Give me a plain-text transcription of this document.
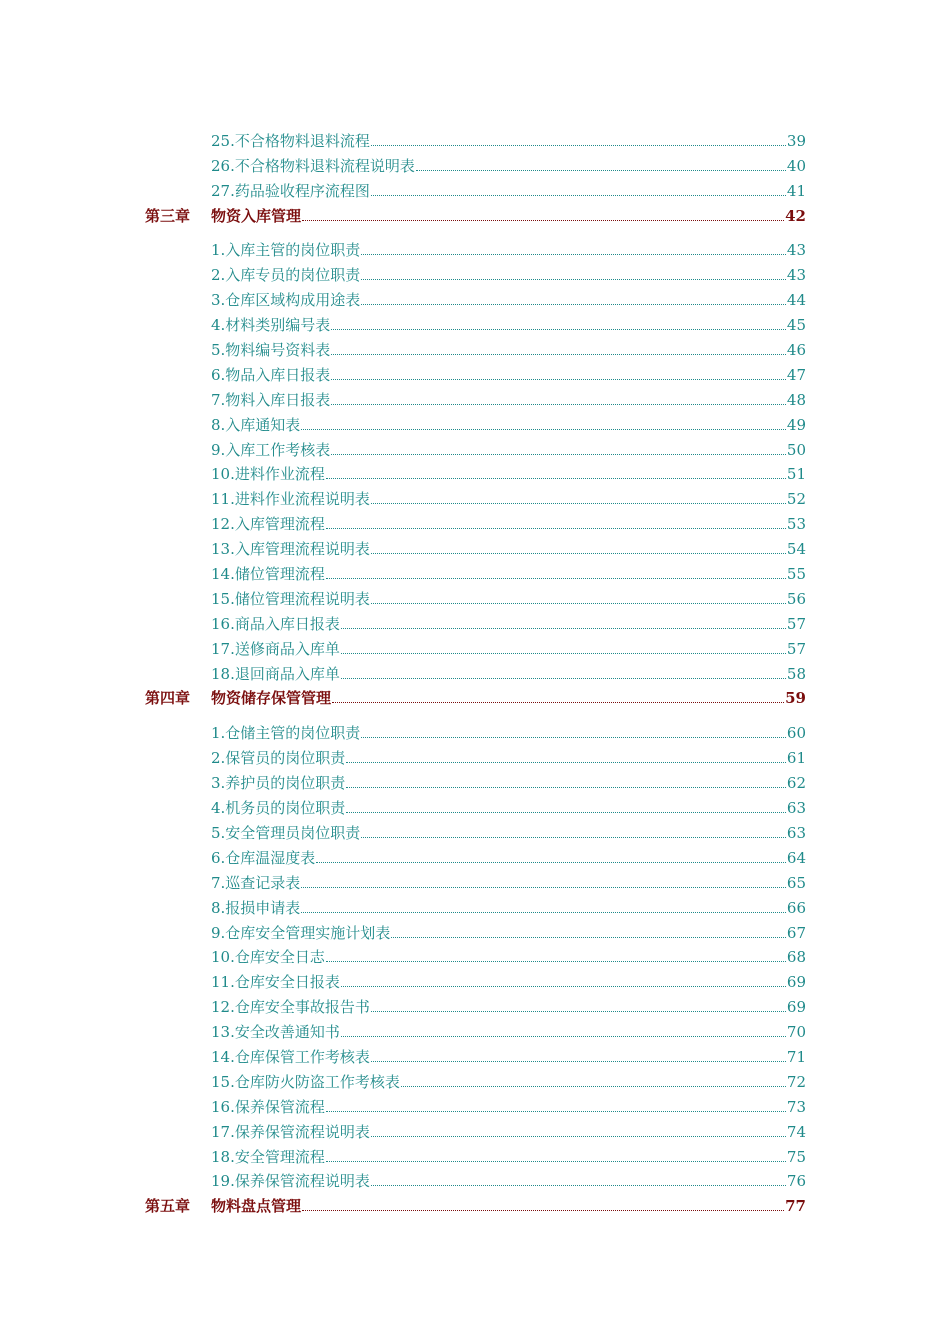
25.不合格物料退料流程	39
26.不合格物料退料流程说明表	40
27.药品验收程序流程图	41
第三章	物资入库管理	42
1.入库主管的岗位职责	43
2.入库专员的岗位职责	43
3.仓库区域构成用途表	44
4.材料类别编号表	45
5.物料编号资料表	46
6.物品入库日报表	47
7.物料入库日报表	48
8.入库通知表	49
9.入库工作考核表	50
10.进料作业流程	51
11.进料作业流程说明表	52
12.入库管理流程	53
13.入库管理流程说明表	54
14.储位管理流程	55
15.储位管理流程说明表	56
16.商品入库日报表	57
17.送修商品入库单	57
18.退回商品入库单	58
第四章	物资储存保管管理	59
1.仓储主管的岗位职责	60
2.保管员的岗位职责	61
3.养护员的岗位职责	62
4.机务员的岗位职责	63
5.安全管理员岗位职责	63
6.仓库温湿度表	64
7.巡查记录表	65
8.报损申请表	66
9.仓库安全管理实施计划表	67
10.仓库安全日志	68
11.仓库安全日报表	69
12.仓库安全事故报告书	69
13.安全改善通知书	70
14.仓库保管工作考核表	71
15.仓库防火防盗工作考核表	72
16.保养保管流程	73
17.保养保管流程说明表	74
18.安全管理流程	75
19.保养保管流程说明表	76
第五章	物料盘点管理	77
